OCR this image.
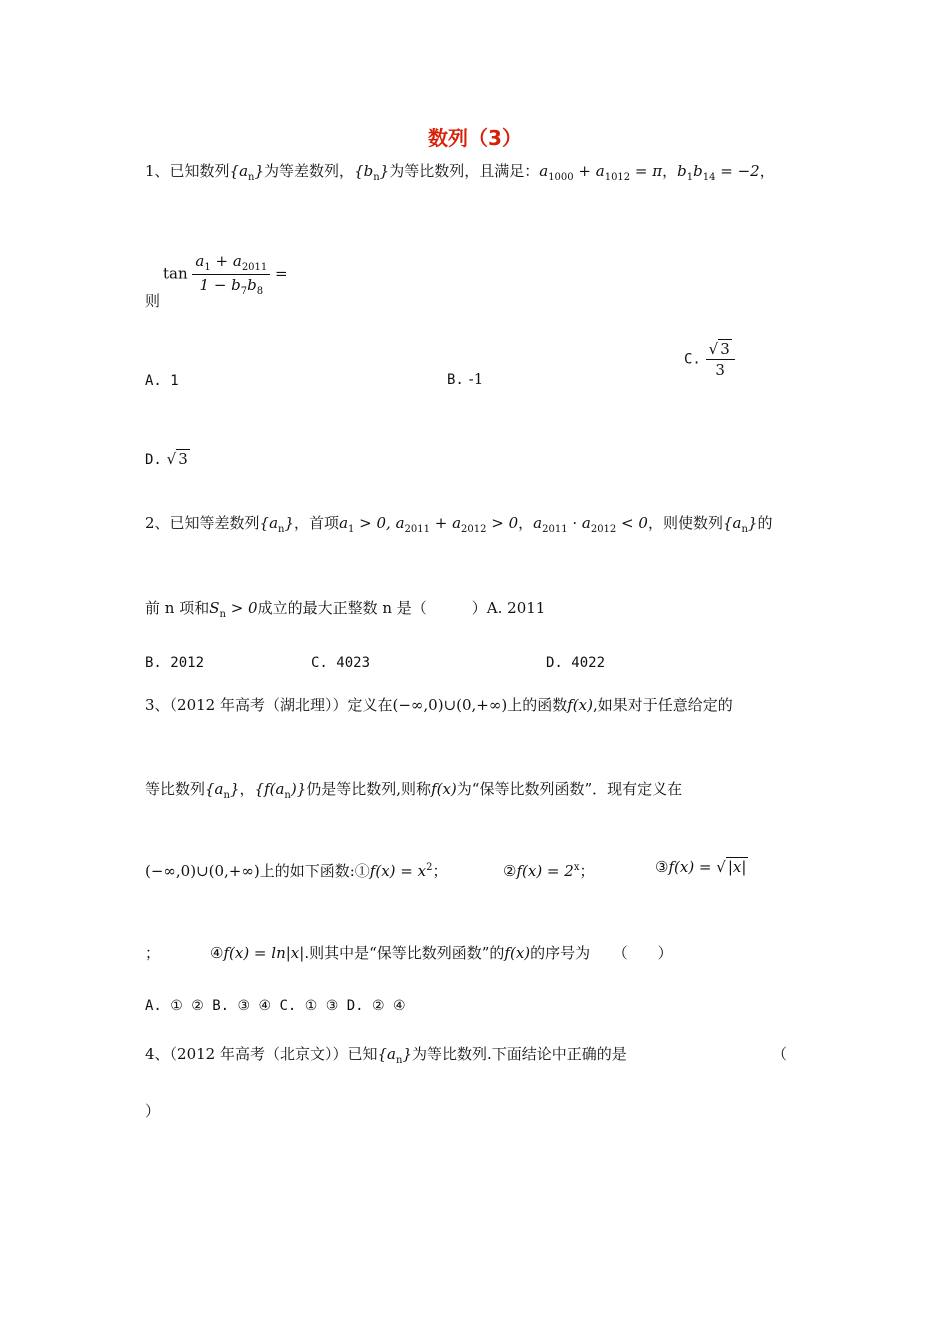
数列（3）
1、已知数列$\{a_n\}$为等差数列，$\{b_n\}$为等比数列，且满足：$a_{1000} + a_{1012} = \pi$，$b_1b_{14} = -2$，
$\tan \frac{a_1 + a_{2011}}{1 - b_7b_8}$ =
则
A. 1	B. -1
C. $\frac{√ 3}{3}$
D. √ 3
2、已知等差数列$\{a_n\}$，首项$a_1 > 0$, $a_{2011} + a_{2012} > 0$，$a_{2011} \cdot a_{2012} < 0$，则使数列$\{a_n\}$的
前 n 项和$S_n > 0$成立的最大正整数 n 是（　　　）A. 2011
B. 2012	C. 4023	D. 4022
3、（2012 年高考（湖北理））定义在(−∞,0)∪(0,+∞)上的函数f(x),如果对于任意给定的
等比数列$\{a_n\}$，$\{f(a_n)\}$仍是等比数列,则称f(x)为“保等比数列函数”．现有定义在
(−∞,0)∪(0,+∞)上的如下函数:①f(x) = $x^2$；	②f(x) = $2^x$；	③f(x) = √ |x|
；	④f(x) = ln|x|.则其中是“保等比数列函数”的f(x)的序号为　　（　　）
A. ① ② B. ③ ④ C. ① ③ D. ② ④
4、（2012 年高考（北京文））已知$\{a_n\}$为等比数列.下面结论中正确的是	（
）
